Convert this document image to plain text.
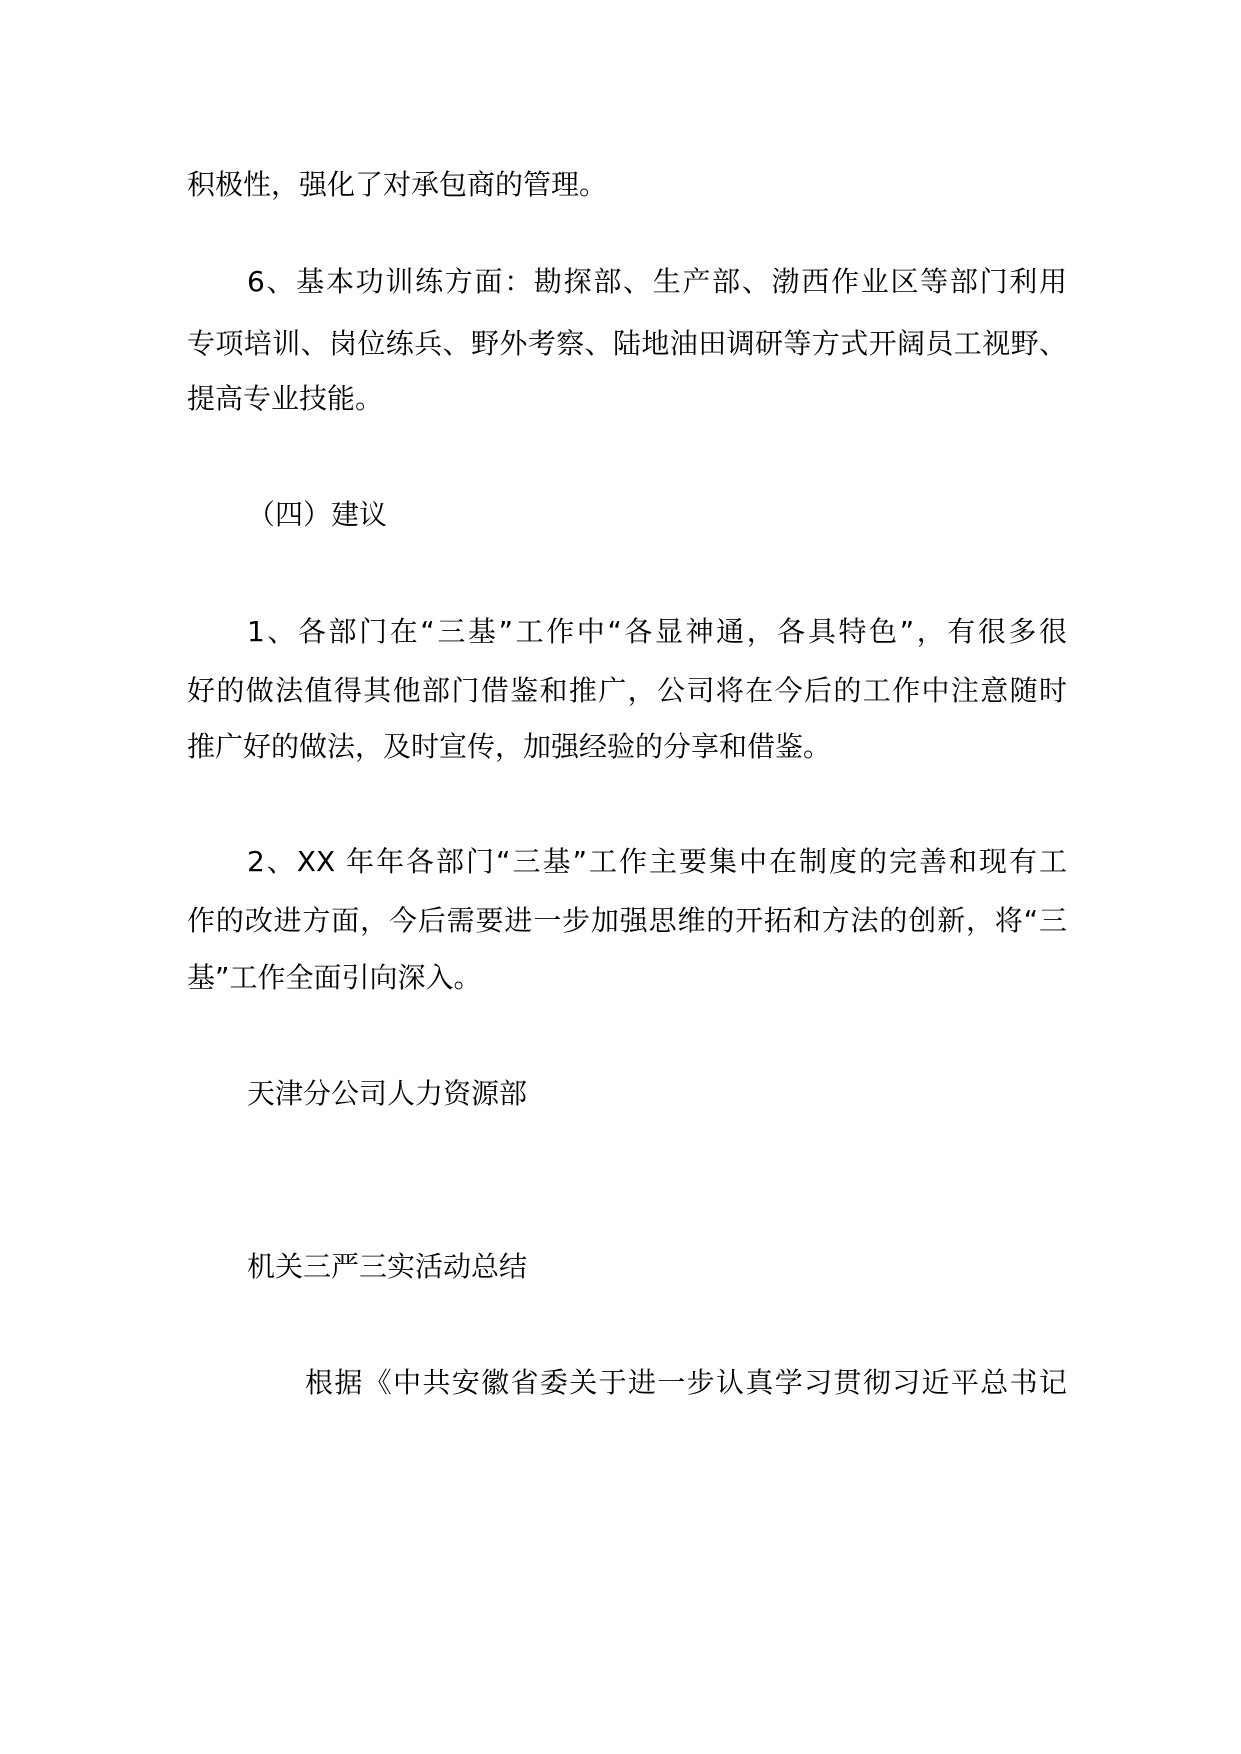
积极性，强化了对承包商的管理。
6、基本功训练方面：勘探部、生产部、渤西作业区等部门利用
专项培训、岗位练兵、野外考察、陆地油田调研等方式开阔员工视野、
提高专业技能。
（四）建议
1、各部门在“三基”工作中“各显神通，各具特色”，有很多很
好的做法值得其他部门借鉴和推广，公司将在今后的工作中注意随时
推广好的做法，及时宣传，加强经验的分享和借鉴。
2、XX 年年各部门“三基”工作主要集中在制度的完善和现有工
作的改进方面，今后需要进一步加强思维的开拓和方法的创新，将“三
基”工作全面引向深入。
天津分公司人力资源部
机关三严三实活动总结
根据《中共安徽省委关于进一步认真学习贯彻习近平总书记
